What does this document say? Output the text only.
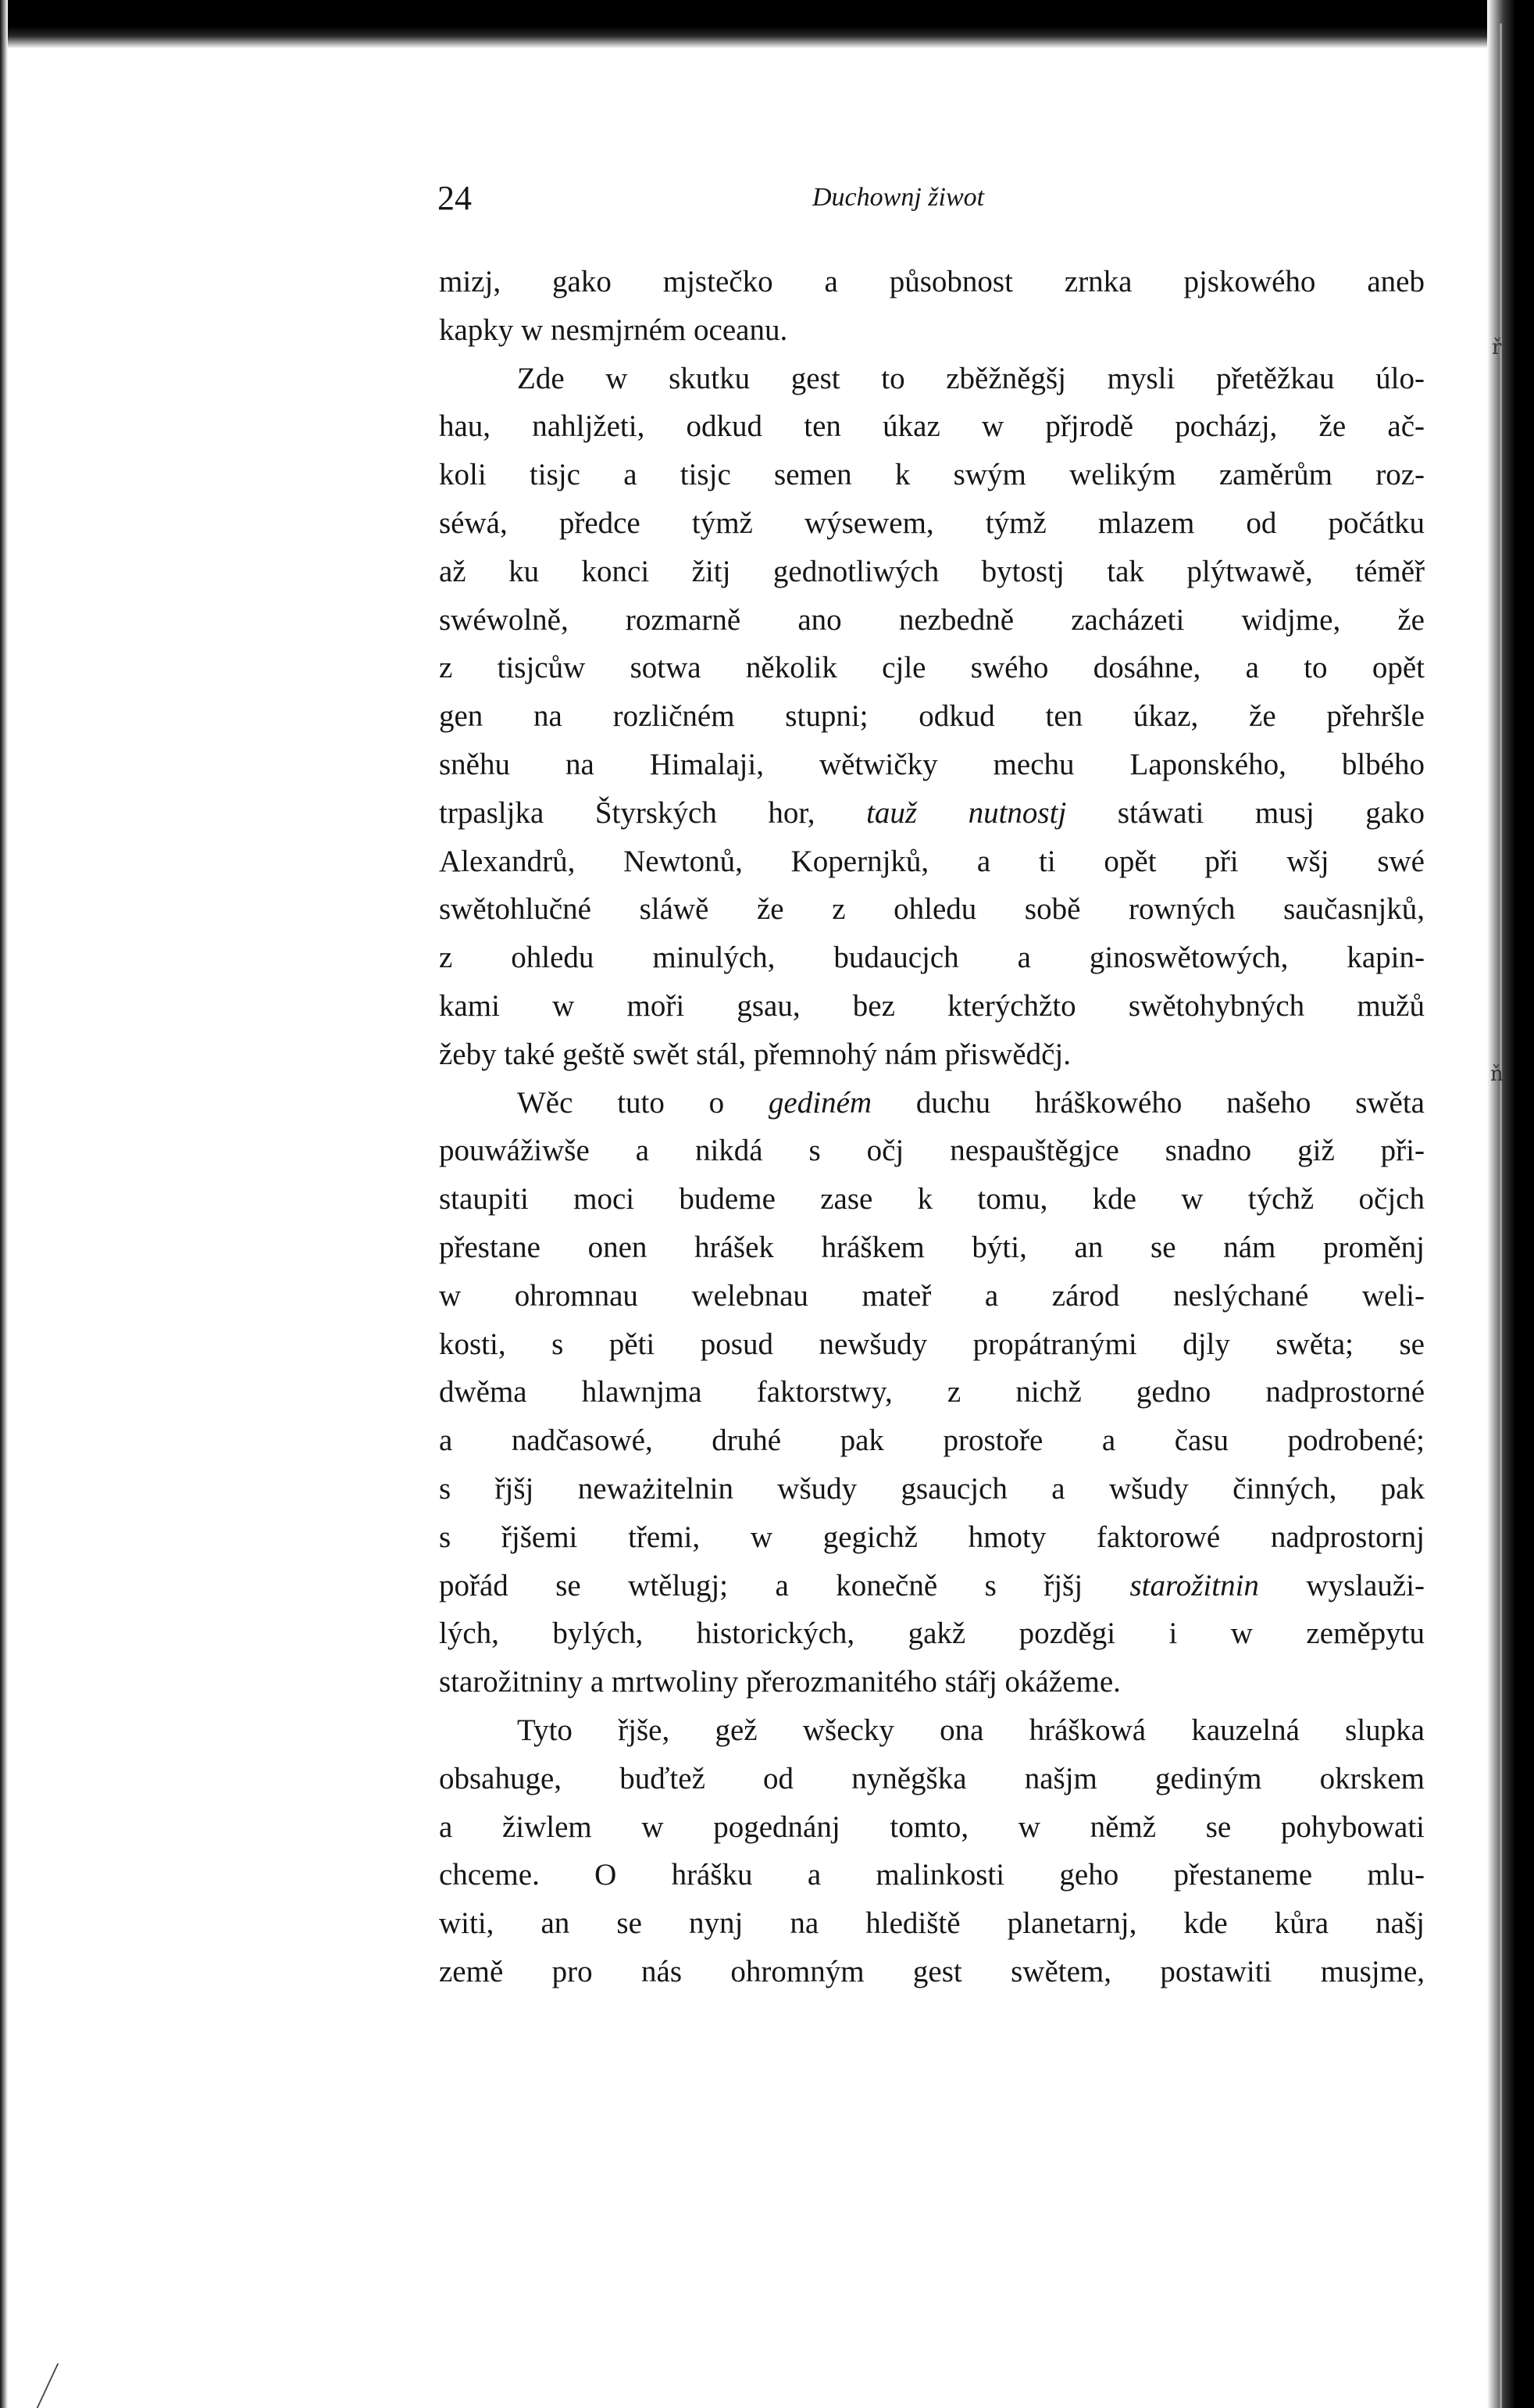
24	Duchownj žiwot
ř
ň
mizj, gako mjstečko a působnost zrnka pjskowého aneb
kapky w nesmjrném oceanu.
Zde w skutku gest to zběžněgšj mysli přetěžkau úlo-
hau, nahljžeti, odkud ten úkaz w přjrodě pocházj, že ač-
koli tisjc a tisjc semen k swým welikým zaměrům roz-
séwá, předce týmž wýsewem, týmž mlazem od počátku
až ku konci žitj gednotliwých bytostj tak plýtwawě, téměř
swéwolně, rozmarně ano nezbedně zacházeti widjme, že
z tisjcůw sotwa několik cjle swého dosáhne, a to opět
gen na rozličném stupni; odkud ten úkaz, že přehršle
sněhu na Himalaji, wětwičky mechu Laponského, blbého
trpasljka Štyrských hor, tauž nutnostj stáwati musj gako
Alexandrů, Newtonů, Kopernjků, a ti opět při wšj swé
swětohlučné sláwě že z ohledu sobě rowných saučasnjků,
z ohledu minulých, budaucjch a ginoswětowých, kapin-
kami w moři gsau, bez kterýchžto swětohybných mužů
žeby také geště swět stál, přemnohý nám přiswědčj.
Wěc tuto o gediném duchu hráškowého našeho swěta
pouwážiwše a nikdá s očj nespauštěgjce snadno giž při-
staupiti moci budeme zase k tomu, kde w týchž očjch
přestane onen hrášek hráškem býti, an se nám proměnj
w ohromnau welebnau mateř a zárod neslýchané weli-
kosti, s pěti posud newšudy propátranými djly swěta; se
dwěma hlawnjma faktorstwy, z nichž gedno nadprostorné
a nadčasowé, druhé pak prostoře a času podrobené;
s řjšj neważitelnin wšudy gsaucjch a wšudy činných, pak
s řjšemi třemi, w gegichž hmoty faktorowé nadprostornj
pořád se wtělugj; a konečně s řjšj starožitnin wyslauži-
lých, bylých, historických, gakž pozděgi i w zeměpytu
starožitniny a mrtwoliny přerozmanitého stářj okážeme.
Tyto řjše, gež wšecky ona hráškowá kauzelná slupka
obsahuge, buďtež od nyněgška našjm gediným okrskem
a žiwlem w pogednánj tomto, w němž se pohybowati
chceme. O hrášku a malinkosti geho přestaneme mlu-
witi, an se nynj na hlediště planetarnj, kde kůra našj
země pro nás ohromným gest swětem, postawiti musjme,
